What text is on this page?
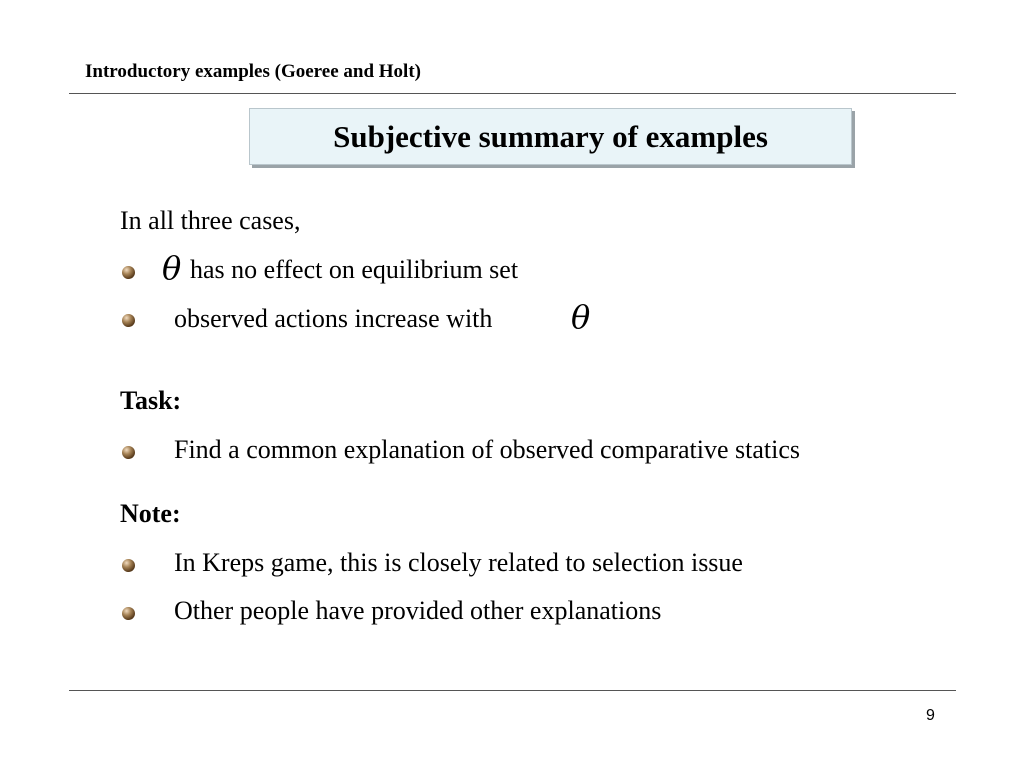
Introductory examples (Goeree and Holt)
Subjective summary of examples
In all three cases,
θ has no effect on equilibrium set
observed actions increase with θ
Task:
Find a common explanation of observed comparative statics
Note:
In Kreps game, this is closely related to selection issue
Other people have provided other explanations
9
